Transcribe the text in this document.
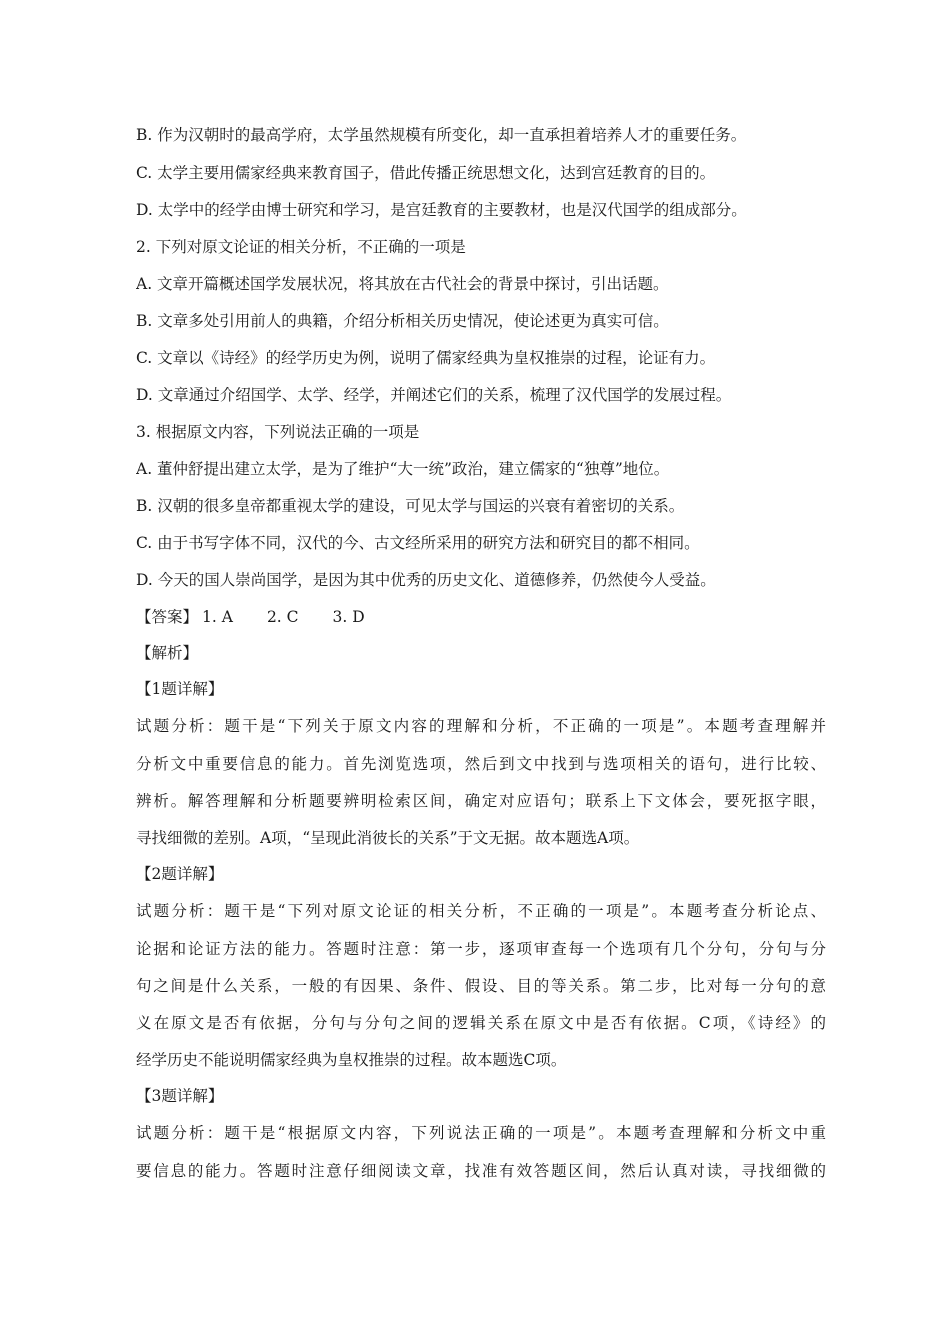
B. 作为汉朝时的最高学府，太学虽然规模有所变化，却一直承担着培养人才的重要任务。
C. 太学主要用儒家经典来教育国子，借此传播正统思想文化，达到宫廷教育的目的。
D. 太学中的经学由博士研究和学习，是宫廷教育的主要教材，也是汉代国学的组成部分。
2. 下列对原文论证的相关分析，不正确的一项是
A. 文章开篇概述国学发展状况，将其放在古代社会的背景中探讨，引出话题。
B. 文章多处引用前人的典籍，介绍分析相关历史情况，使论述更为真实可信。
C. 文章以《诗经》的经学历史为例，说明了儒家经典为皇权推崇的过程，论证有力。
D. 文章通过介绍国学、太学、经学，并阐述它们的关系，梳理了汉代国学的发展过程。
3. 根据原文内容，下列说法正确的一项是
A. 董仲舒提出建立太学，是为了维护“大一统”政治，建立儒家的“独尊”地位。
B. 汉朝的很多皇帝都重视太学的建设，可见太学与国运的兴衰有着密切的关系。
C. 由于书写字体不同，汉代的今、古文经所采用的研究方法和研究目的都不相同。
D. 今天的国人崇尚国学，是因为其中优秀的历史文化、道德修养，仍然使今人受益。
【答案】 1. A 2. C 3. D
【解析】
【1题详解】
试题分析：题干是“下列关于原文内容的理解和分析，不正确的一项是”。本题考查理解并
分析文中重要信息的能力。首先浏览选项，然后到文中找到与选项相关的语句，进行比较、
辨析。解答理解和分析题要辨明检索区间，确定对应语句；联系上下文体会，要死抠字眼，
寻找细微的差别。A项，“呈现此消彼长的关系”于文无据。故本题选A项。
【2题详解】
试题分析：题干是“下列对原文论证的相关分析，不正确的一项是”。本题考查分析论点、
论据和论证方法的能力。答题时注意：第一步，逐项审查每一个选项有几个分句，分句与分
句之间是什么关系，一般的有因果、条件、假设、目的等关系。第二步，比对每一分句的意
义在原文是否有依据，分句与分句之间的逻辑关系在原文中是否有依据。C项，《诗经》的
经学历史不能说明儒家经典为皇权推崇的过程。故本题选C项。
【3题详解】
试题分析：题干是“根据原文内容，下列说法正确的一项是”。本题考查理解和分析文中重
要信息的能力。答题时注意仔细阅读文章，找准有效答题区间，然后认真对读，寻找细微的
